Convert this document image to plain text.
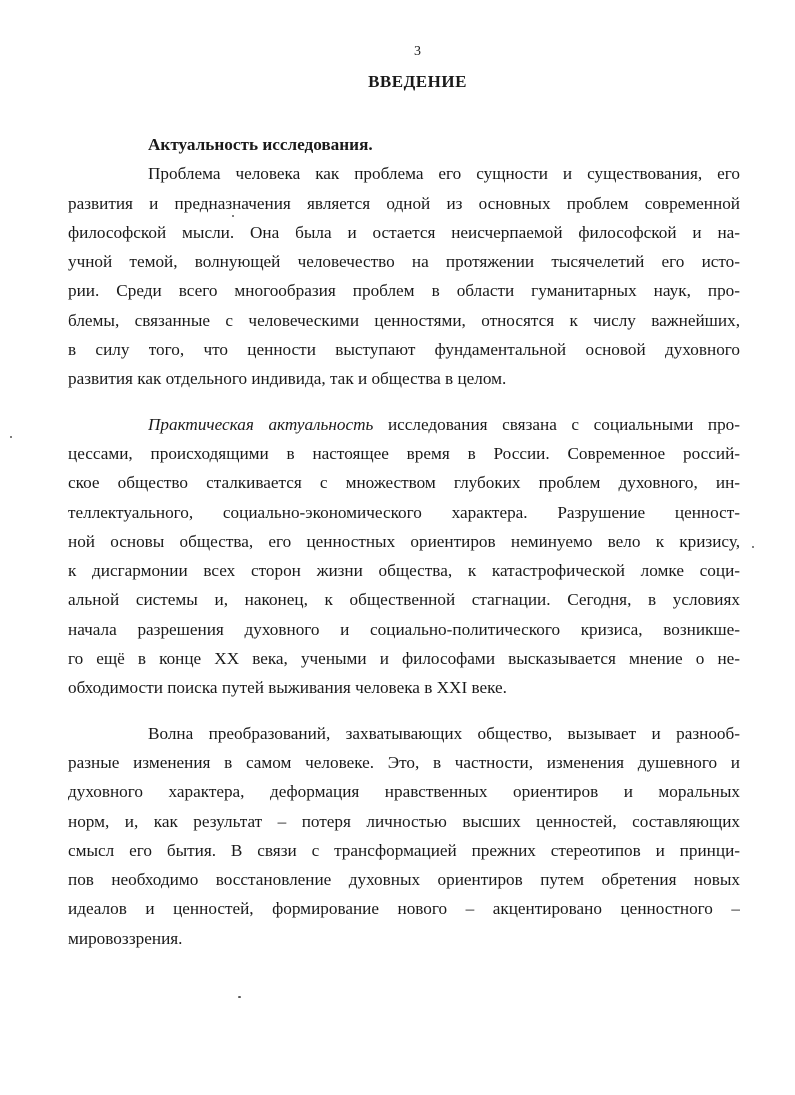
3
ВВЕДЕНИЕ
Актуальность исследования.
Проблема человека как проблема его сущности и существования, его
развития и предназначения является одной из основных проблем современной
философской мысли. Она была и остается неисчерпаемой философской и на-
учной темой, волнующей человечество на протяжении тысячелетий его исто-
рии. Среди всего многообразия проблем в области гуманитарных наук, про-
блемы, связанные с человеческими ценностями, относятся к числу важнейших,
в силу того, что ценности выступают фундаментальной основой духовного
развития как отдельного индивида, так и общества в целом.
Практическая актуальность исследования связана с социальными про-
цессами, происходящими в настоящее время в России. Современное россий-
ское общество сталкивается с множеством глубоких проблем духовного, ин-
теллектуального, социально-экономического характера. Разрушение ценност-
ной основы общества, его ценностных ориентиров неминуемо вело к кризису,
к дисгармонии всех сторон жизни общества, к катастрофической ломке соци-
альной системы и, наконец, к общественной стагнации. Сегодня, в условиях
начала разрешения духовного и социально-политического кризиса, возникше-
го ещё в конце XX века, учеными и философами высказывается мнение о не-
обходимости поиска путей выживания человека в XXI веке.
Волна преобразований, захватывающих общество, вызывает и разнооб-
разные изменения в самом человеке. Это, в частности, изменения душевного и
духовного характера, деформация нравственных ориентиров и моральных
норм, и, как результат – потеря личностью высших ценностей, составляющих
смысл его бытия. В связи с трансформацией прежних стереотипов и принци-
пов необходимо восстановление духовных ориентиров путем обретения новых
идеалов и ценностей, формирование нового – акцентировано ценностного –
мировоззрения.
